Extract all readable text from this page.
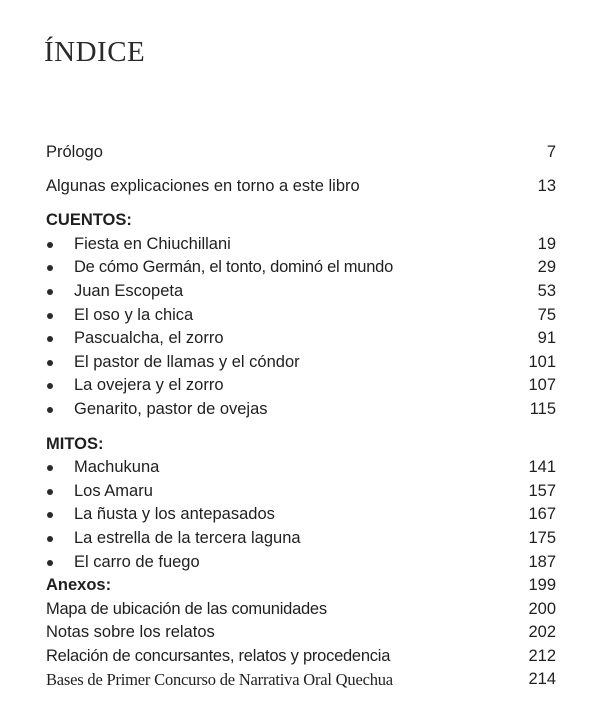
ÍNDICE
Prólogo	7
Algunas explicaciones en torno a este libro	13
CUENTOS:
Fiesta en Chiuchillani	19
De cómo Germán, el tonto, dominó el mundo	29
Juan Escopeta	53
El oso y la chica	75
Pascualcha, el zorro	91
El pastor de llamas y el cóndor	101
La ovejera y el zorro	107
Genarito, pastor de ovejas	115
MITOS:
Machukuna	141
Los Amaru	157
La ñusta y los antepasados	167
La estrella de la tercera laguna	175
El carro de fuego	187
Anexos:	199
Mapa de ubicación de las comunidades	200
Notas sobre los relatos	202
Relación de concursantes, relatos y procedencia	212
Bases de Primer Concurso de Narrativa Oral Quechua	214
